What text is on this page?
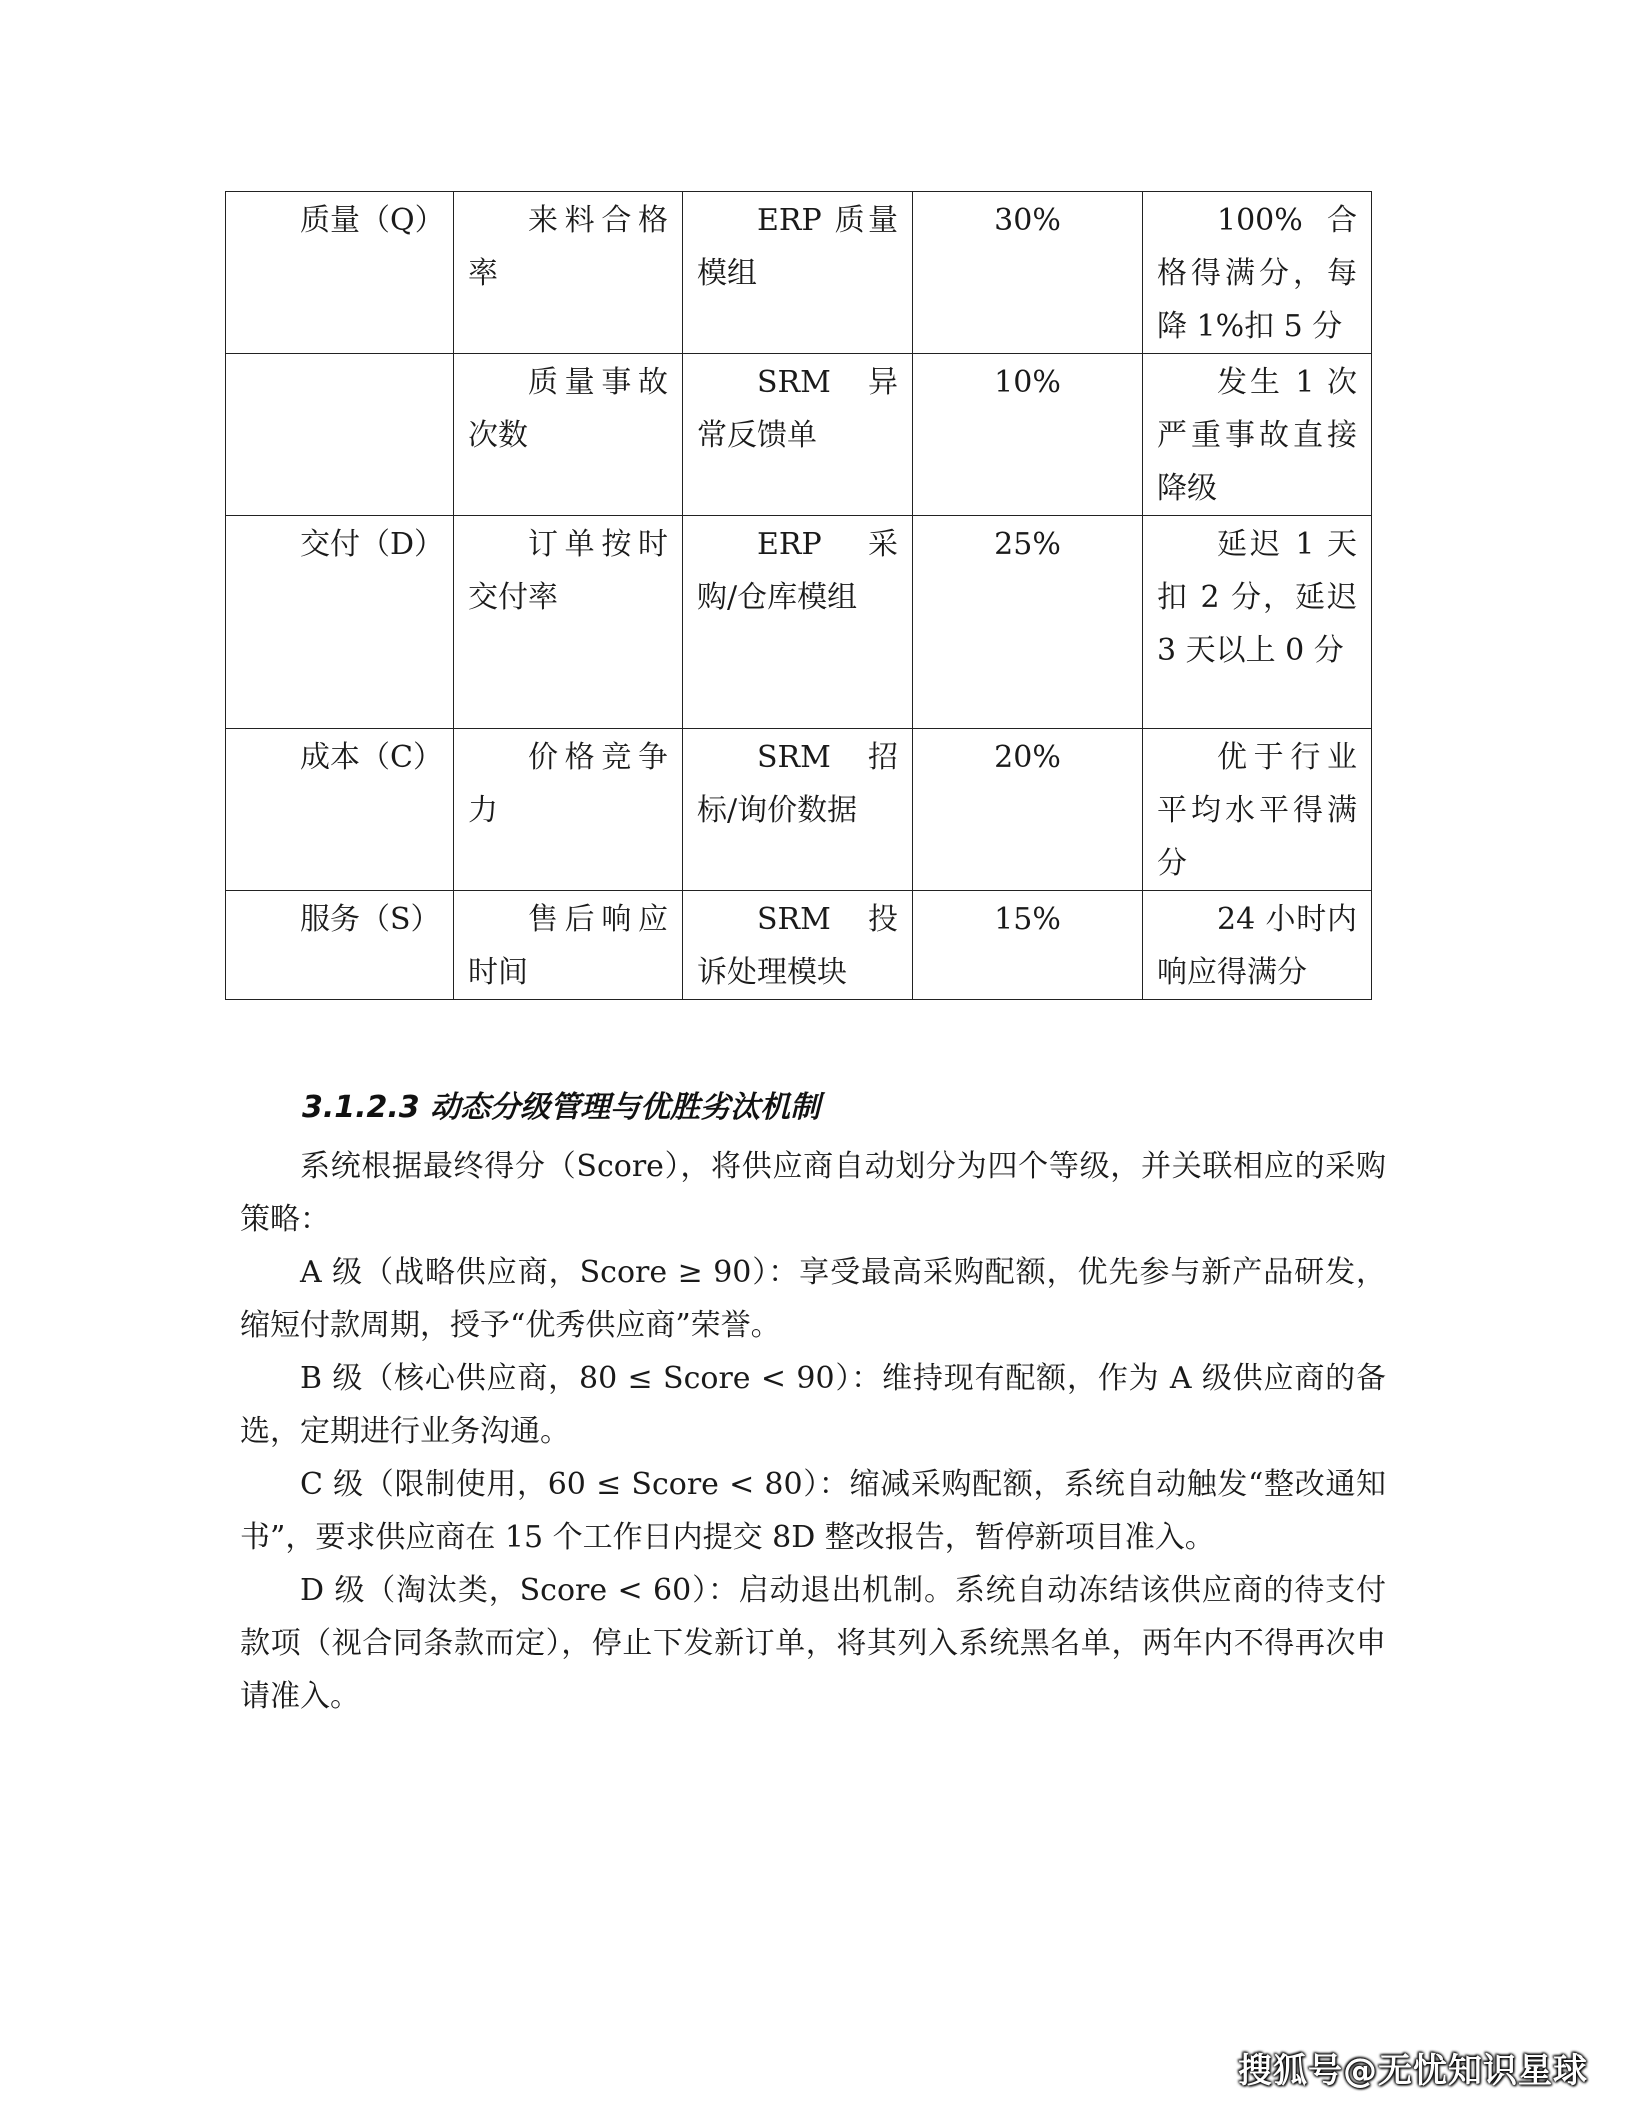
质量（Q）	来料合格率	ERP 质量模组	30%	100%合格得满分，每降 1%扣 5 分
	质量事故次数	SRM 异常反馈单	10%	发生 1 次严重事故直接降级
交付（D）	订单按时交付率	ERP 采购/仓库模组	25%	延迟 1 天扣 2 分，延迟 3 天以上 0 分
成本（C）	价格竞争力	SRM 招标/询价数据	20%	优于行业平均水平得满分
服务（S）	售后响应时间	SRM 投诉处理模块	15%	24 小时内响应得满分
3.1.2.3 动态分级管理与优胜劣汰机制

系统根据最终得分（Score），将供应商自动划分为四个等级，并关联相应的采购策略：

A 级（战略供应商，Score ≥ 90）：享受最高采购配额，优先参与新产品研发，缩短付款周期，授予“优秀供应商”荣誉。

B 级（核心供应商，80 ≤ Score < 90）：维持现有配额，作为 A 级供应商的备选，定期进行业务沟通。

C 级（限制使用，60 ≤ Score < 80）：缩减采购配额，系统自动触发“整改通知书”，要求供应商在 15 个工作日内提交 8D 整改报告，暂停新项目准入。

D 级（淘汰类，Score < 60）：启动退出机制。系统自动冻结该供应商的待支付款项（视合同条款而定），停止下发新订单，将其列入系统黑名单，两年内不得再次申请准入。

搜狐号@无忧知识星球
